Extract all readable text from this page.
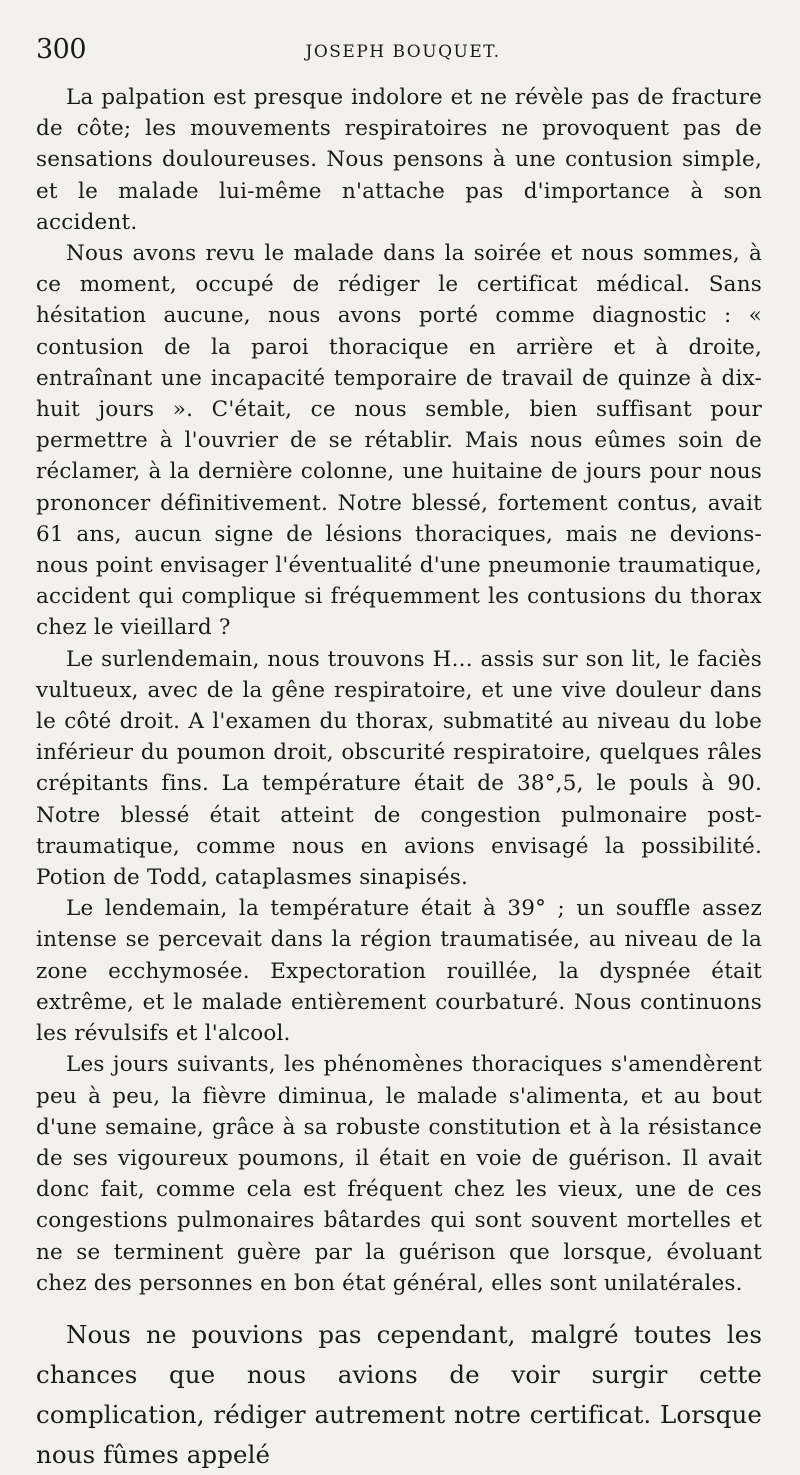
300	JOSEPH BOUQUET.

La palpation est presque indolore et ne révèle pas de fracture de côte; les mouvements respiratoires ne provoquent pas de sensations douloureuses. Nous pensons à une contusion simple, et le malade lui-même n'attache pas d'importance à son accident.

Nous avons revu le malade dans la soirée et nous sommes, à ce moment, occupé de rédiger le certificat médical. Sans hésitation aucune, nous avons porté comme diagnostic : « contusion de la paroi thoracique en arrière et à droite, entraînant une incapacité temporaire de travail de quinze à dix-huit jours ». C'était, ce nous semble, bien suffisant pour permettre à l'ouvrier de se rétablir. Mais nous eûmes soin de réclamer, à la dernière colonne, une huitaine de jours pour nous prononcer définitivement. Notre blessé, fortement contus, avait 61 ans, aucun signe de lésions thoraciques, mais ne devions-nous point envisager l'éventualité d'une pneumonie traumatique, accident qui complique si fréquemment les contusions du thorax chez le vieillard ?

Le surlendemain, nous trouvons H... assis sur son lit, le faciès vultueux, avec de la gêne respiratoire, et une vive douleur dans le côté droit. A l'examen du thorax, submatité au niveau du lobe inférieur du poumon droit, obscurité respiratoire, quelques râles crépitants fins. La température était de 38°,5, le pouls à 90. Notre blessé était atteint de congestion pulmonaire post-traumatique, comme nous en avions envisagé la possibilité. Potion de Todd, cataplasmes sinapisés.

Le lendemain, la température était à 39° ; un souffle assez intense se percevait dans la région traumatisée, au niveau de la zone ecchymosée. Expectoration rouillée, la dyspnée était extrême, et le malade entièrement courbaturé. Nous continuons les révulsifs et l'alcool.

Les jours suivants, les phénomènes thoraciques s'amendèrent peu à peu, la fièvre diminua, le malade s'alimenta, et au bout d'une semaine, grâce à sa robuste constitution et à la résistance de ses vigoureux poumons, il était en voie de guérison. Il avait donc fait, comme cela est fréquent chez les vieux, une de ces congestions pulmonaires bâtardes qui sont souvent mortelles et ne se terminent guère par la guérison que lorsque, évoluant chez des personnes en bon état général, elles sont unilatérales.

Nous ne pouvions pas cependant, malgré toutes les chances que nous avions de voir surgir cette complication, rédiger autrement notre certificat. Lorsque nous fûmes appelé
